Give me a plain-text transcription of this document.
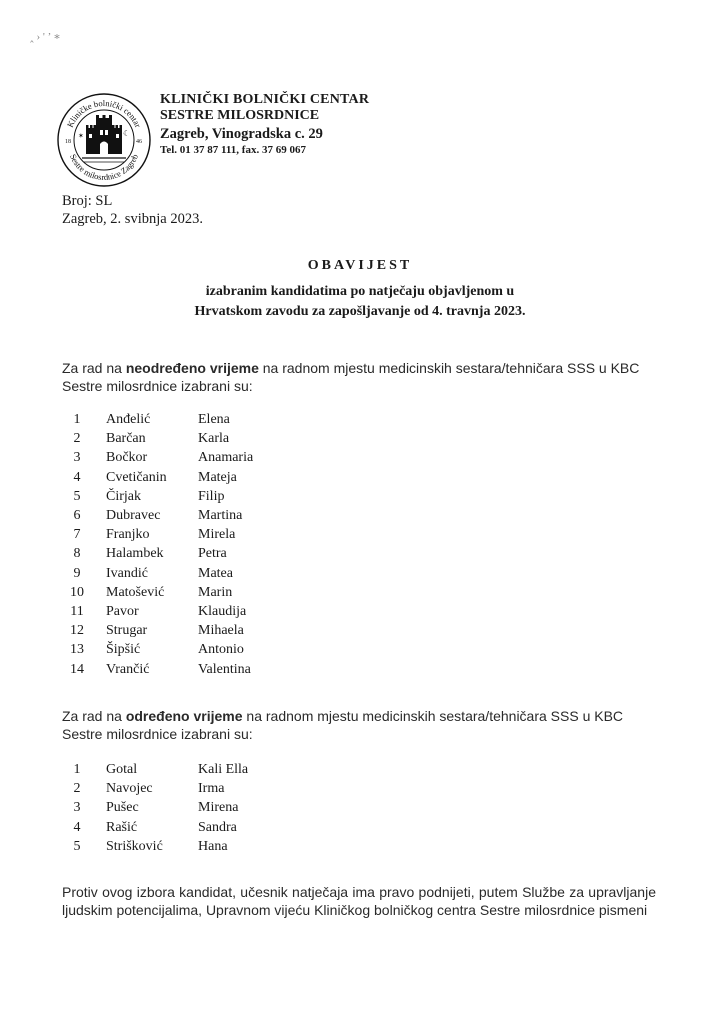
‸ › ' ’ ∗
Kliničke bolnički centar
Sestre milosrdnice Zagreb
18	46
✶	☾
KLINIČKI BOLNIČKI CENTAR
SESTRE MILOSRDNICE
Zagreb, Vinogradska c. 29
Tel. 01 37 87 111, fax. 37 69 067
Broj: SL
Zagreb, 2. svibnja 2023.
OBAVIJEST
izabranim kandidatima po natječaju objavljenom u
Hrvatskom zavodu za zapošljavanje od 4. travnja 2023.
Za rad na neodređeno vrijeme na radnom mjestu medicinskih sestara/tehničara SSS u KBC Sestre milosrdnice izabrani su:
1	Anđelić	Elena
2	Barčan	Karla
3	Bočkor	Anamaria
4	Cvetičanin	Mateja
5	Čirjak	Filip
6	Dubravec	Martina
7	Franjko	Mirela
8	Halambek	Petra
9	Ivandić	Matea
10	Matošević	Marin
11	Pavor	Klaudija
12	Strugar	Mihaela
13	Šipšić	Antonio
14	Vrančić	Valentina
Za rad na određeno vrijeme na radnom mjestu medicinskih sestara/tehničara SSS u KBC Sestre milosrdnice izabrani su:
1	Gotal	Kali Ella
2	Navojec	Irma
3	Pušec	Mirena
4	Rašić	Sandra
5	Strišković	Hana
Protiv ovog izbora kandidat, učesnik natječaja ima pravo podnijeti, putem Službe za upravljanje ljudskim potencijalima, Upravnom vijeću Kliničkog bolničkog centra Sestre milosrdnice pismeni
